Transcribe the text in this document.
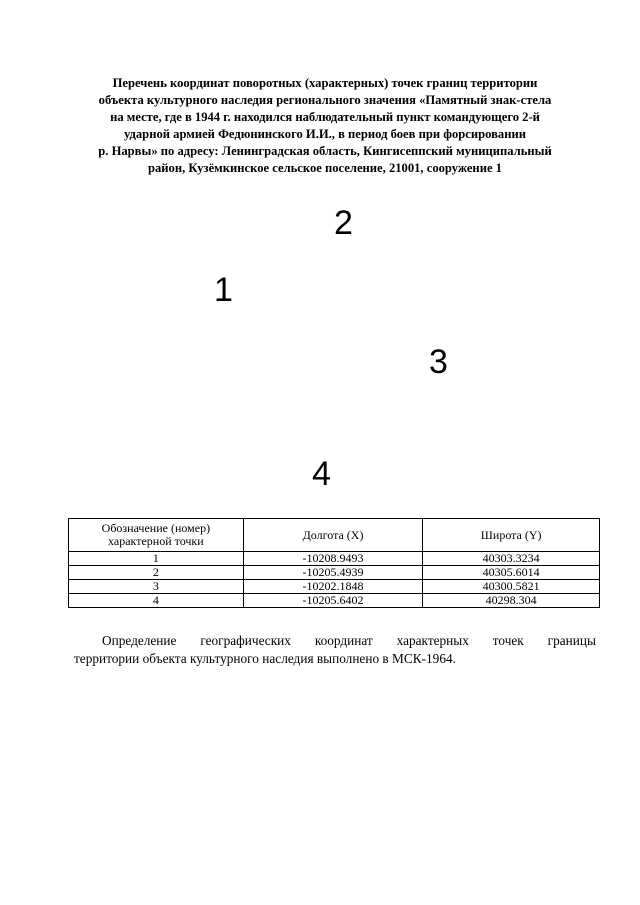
Перечень координат поворотных (характерных) точек границ территории
объекта культурного наследия регионального значения «Памятный знак-стела
на месте, где в 1944 г. находился наблюдательный пункт командующего 2-й
ударной армией Федюнинского И.И., в период боев при форсировании
р. Нарвы» по адресу: Ленинградская область, Кингисеппский муниципальный
район, Кузёмкинское сельское поселение, 21001, сооружение 1
1
2
3
4
Обозначение (номер) характерной точки	Долгота (X)	Широта (Y)
1	-10208.9493	40303.3234
2	-10205.4939	40305.6014
3	-10202.1848	40300.5821
4	-10205.6402	40298.304
Определение географических координат характерных точек границы
территории объекта культурного наследия выполнено в МСК-1964.
